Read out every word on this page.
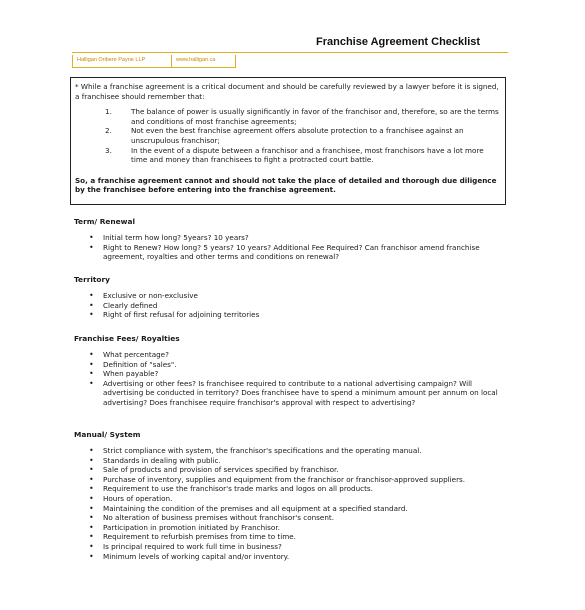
Franchise Agreement Checklist
Halligan Oribere Payne LLP	www.halligan.ca

* While a franchise agreement is a critical document and should be carefully reviewed by a lawyer before it is signed, a franchisee should remember that:

1.	The balance of power is usually significantly in favor of the franchisor and, therefore, so are the terms and conditions of most franchise agreements;
2.	Not even the best franchise agreement offers absolute protection to a franchisee against an unscrupulous franchisor;
3.	In the event of a dispute between a franchisor and a franchisee, most franchisors have a lot more time and money than franchisees to fight a protracted court battle.

So, a franchise agreement cannot and should not take the place of detailed and thorough due diligence by the franchisee before entering into the franchise agreement.

Term/ Renewal
• Initial term how long? 5years? 10 years?
• Right to Renew? How long? 5 years? 10 years? Additional Fee Required? Can franchisor amend franchise agreement, royalties and other terms and conditions on renewal?
Territory
• Exclusive or non-exclusive
• Clearly defined
• Right of first refusal for adjoining territories
Franchise Fees/ Royalties
• What percentage?
• Definition of "sales".
• When payable?
• Advertising or other fees? Is franchisee required to contribute to a national advertising campaign? Will advertising be conducted in territory? Does franchisee have to spend a minimum amount per annum on local advertising? Does franchisee require franchisor's approval with respect to advertising?
Manual/ System
• Strict compliance with system, the franchisor's specifications and the operating manual.
• Standards in dealing with public.
• Sale of products and provision of services specified by franchisor.
• Purchase of inventory, supplies and equipment from the franchisor or franchisor-approved suppliers.
• Requirement to use the franchisor's trade marks and logos on all products.
• Hours of operation.
• Maintaining the condition of the premises and all equipment at a specified standard.
• No alteration of business premises without franchisor's consent.
• Participation in promotion initiated by Franchisor.
• Requirement to refurbish premises from time to time.
• Is principal required to work full time in business?
• Minimum levels of working capital and/or inventory.
